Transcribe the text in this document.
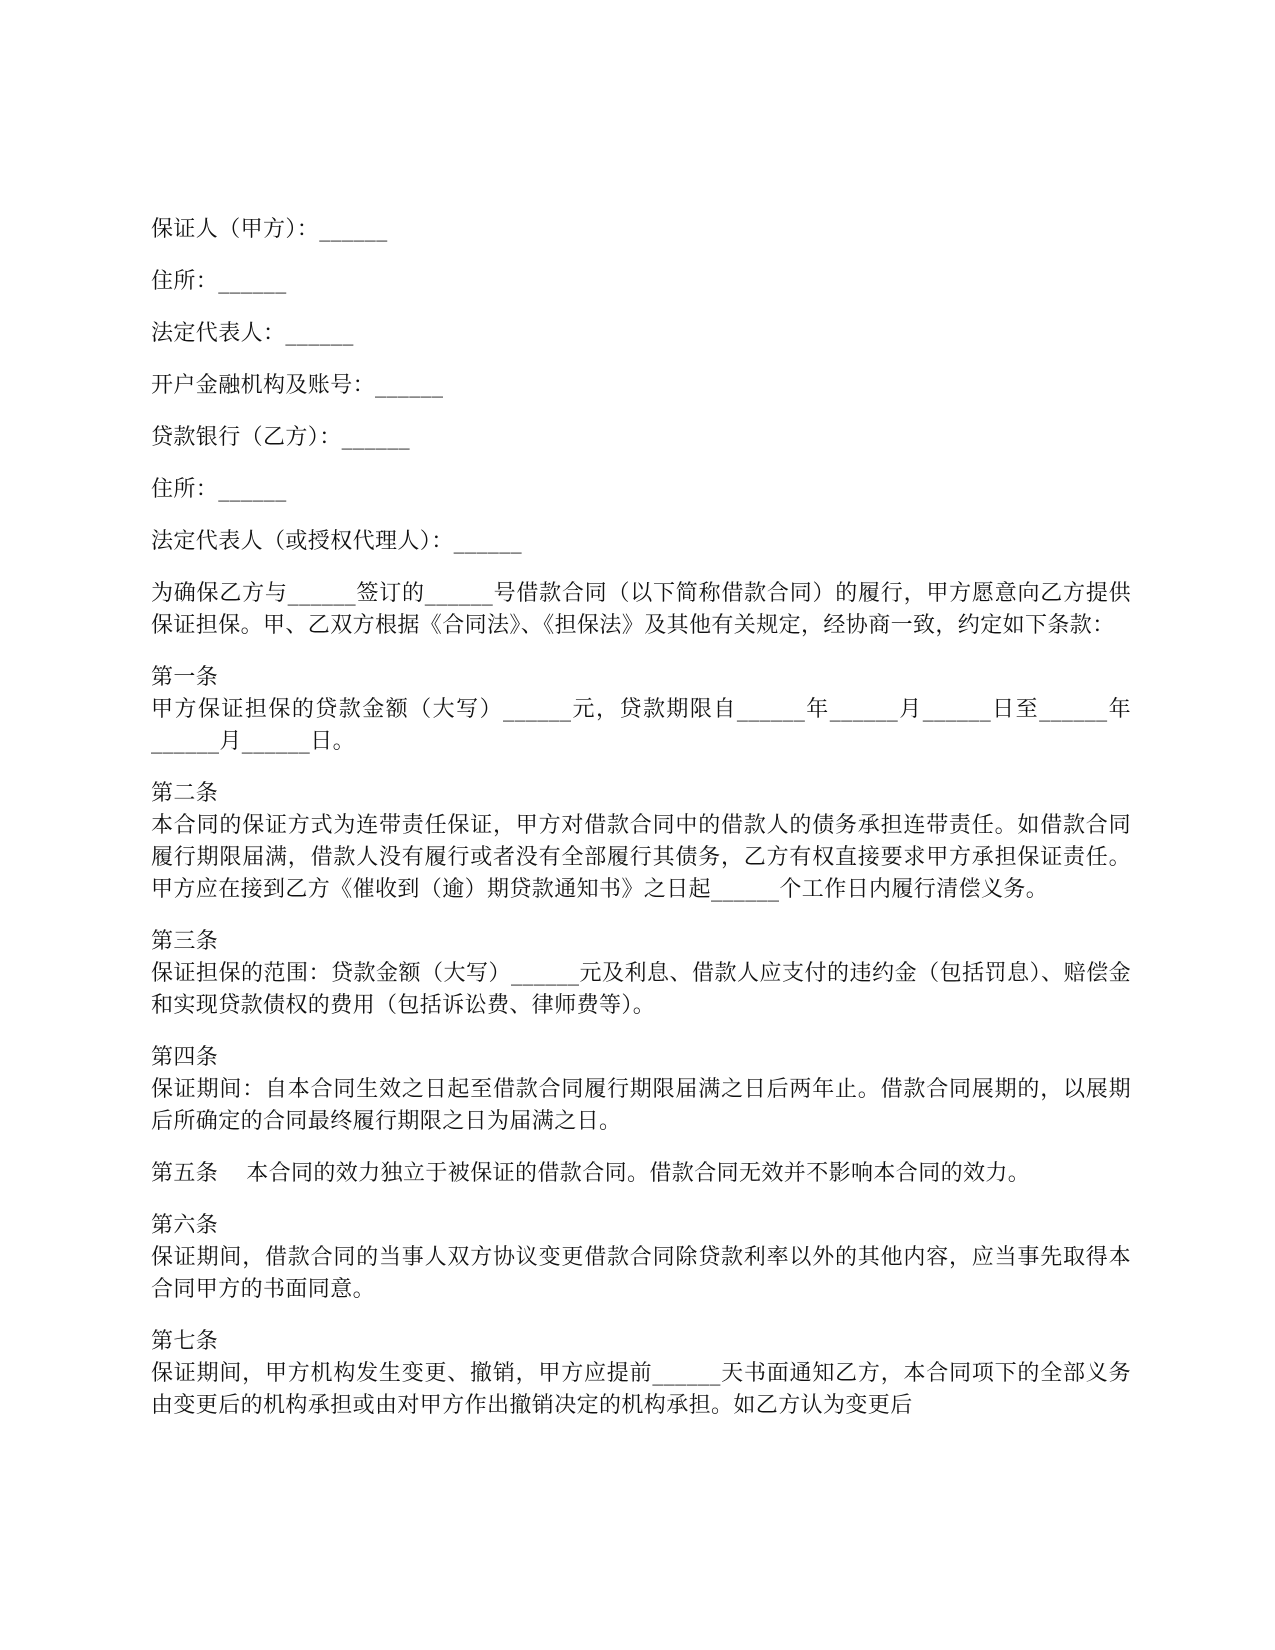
保证人（甲方）：______
住所：______
法定代表人：______
开户金融机构及账号：______
贷款银行（乙方）：______
住所：______
法定代表人（或授权代理人）：______
为确保乙方与______签订的______号借款合同（以下简称借款合同）的履行，甲方愿意向乙方提供保证担保。甲、乙双方根据《合同法》、《担保法》及其他有关规定，经协商一致，约定如下条款：
第一条
甲方保证担保的贷款金额（大写）______元，贷款期限自______年______月______日至______年______月______日。
第二条
本合同的保证方式为连带责任保证，甲方对借款合同中的借款人的债务承担连带责任。如借款合同履行期限届满，借款人没有履行或者没有全部履行其债务，乙方有权直接要求甲方承担保证责任。甲方应在接到乙方《催收到（逾）期贷款通知书》之日起______个工作日内履行清偿义务。
第三条
保证担保的范围：贷款金额（大写）______元及利息、借款人应支付的违约金（包括罚息）、赔偿金和实现贷款债权的费用（包括诉讼费、律师费等）。
第四条
保证期间：自本合同生效之日起至借款合同履行期限届满之日后两年止。借款合同展期的，以展期后所确定的合同最终履行期限之日为届满之日。
第五条 本合同的效力独立于被保证的借款合同。借款合同无效并不影响本合同的效力。
第六条
保证期间，借款合同的当事人双方协议变更借款合同除贷款利率以外的其他内容，应当事先取得本合同甲方的书面同意。
第七条
保证期间，甲方机构发生变更、撤销，甲方应提前______天书面通知乙方，本合同项下的全部义务由变更后的机构承担或由对甲方作出撤销决定的机构承担。如乙方认为变更后
